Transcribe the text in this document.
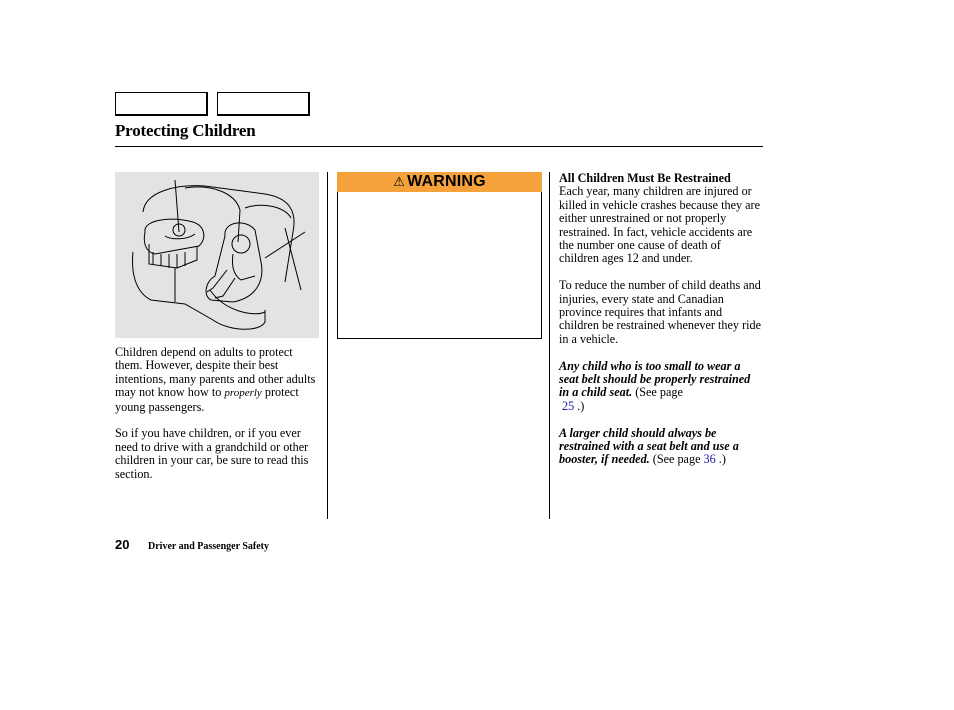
Protecting Children
⚠ WARNING

Children depend on adults to protect them. However, despite their best intentions, many parents and other adults may not know how to properly protect young passengers.

So if you have children, or if you ever need to drive with a grandchild or other children in your car, be sure to read this section.

All Children Must Be Restrained

Each year, many children are injured or killed in vehicle crashes because they are either unrestrained or not properly restrained. In fact, vehicle accidents are the number one cause of death of children ages 12 and under.

To reduce the number of child deaths and injuries, every state and Canadian province requires that infants and children be restrained whenever they ride in a vehicle.

Any child who is too small to wear a seat belt should be properly restrained in a child seat. (See page
25 .)

A larger child should always be restrained with a seat belt and use a booster, if needed. (See page 36 .)

20 Driver and Passenger Safety
